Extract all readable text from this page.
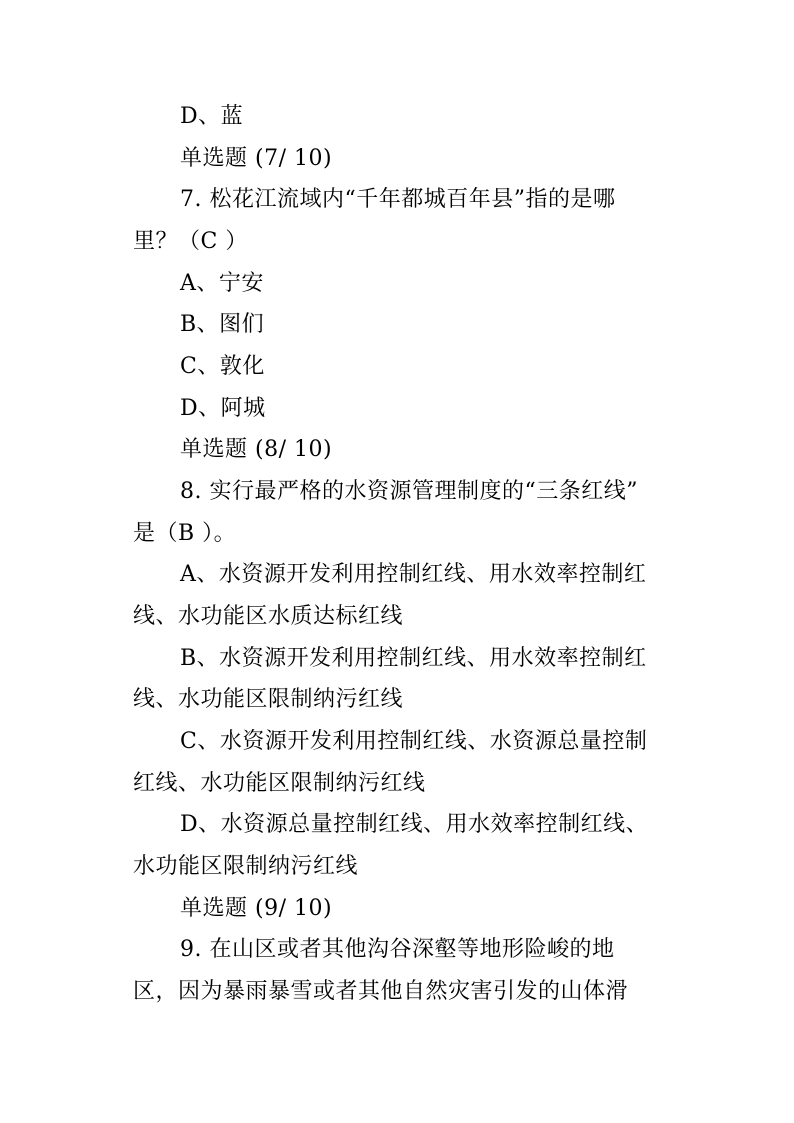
D、蓝
单选题 (7/ 10)
7. 松花江流域内“千年都城百年县”指的是哪
里？（C ）
A、宁安
B、图们
C、敦化
D、阿城
单选题 (8/ 10)
8. 实行最严格的水资源管理制度的“三条红线”
是（B ）。
A、水资源开发利用控制红线、用水效率控制红
线、水功能区水质达标红线
B、水资源开发利用控制红线、用水效率控制红
线、水功能区限制纳污红线
C、水资源开发利用控制红线、水资源总量控制
红线、水功能区限制纳污红线
D、水资源总量控制红线、用水效率控制红线、
水功能区限制纳污红线
单选题 (9/ 10)
9. 在山区或者其他沟谷深壑等地形险峻的地
区，因为暴雨暴雪或者其他自然灾害引发的山体滑
